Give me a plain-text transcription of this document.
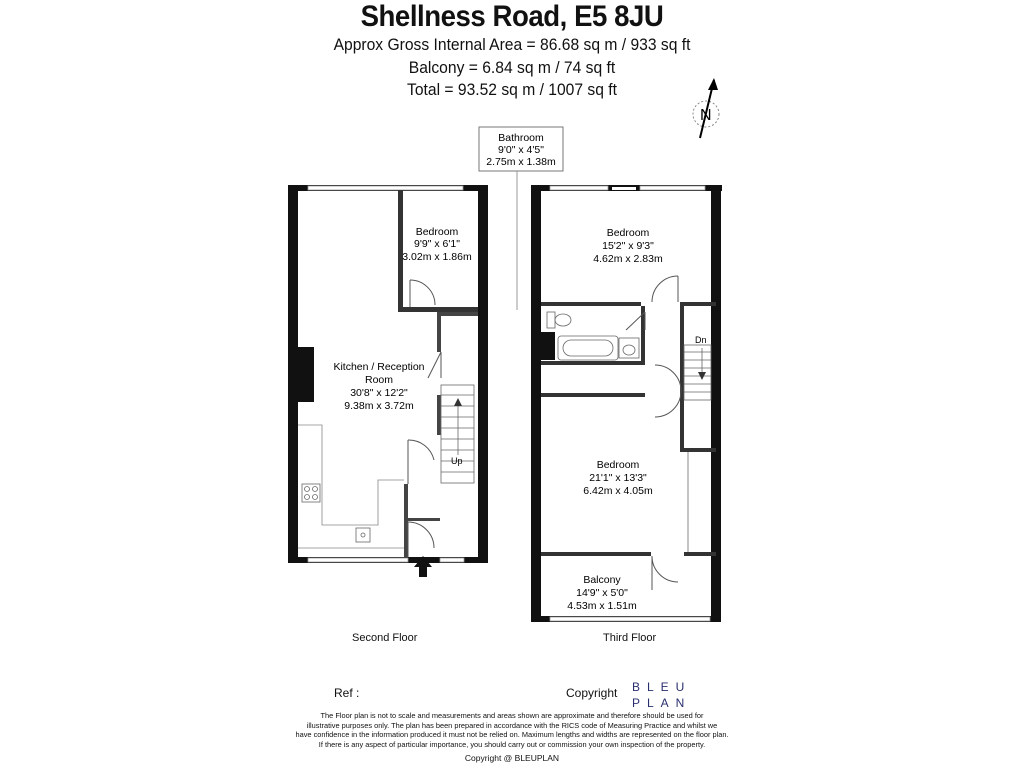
Shellness Road, E5 8JU
Approx Gross Internal Area = 86.68 sq m / 933 sq ft
Balcony = 6.84 sq m / 74 sq ft
Total = 93.52 sq m / 1007 sq ft
N
Bathroom
9'0" x 4'5"
2.75m x 1.38m
Up
Bedroom
9'9" x 6'1"
3.02m x 1.86m
Kitchen / Reception
Room
30'8" x 12'2"
9.38m x 3.72m
Dn
Bedroom
15'2" x 9'3"
4.62m x 2.83m
Bedroom
21'1" x 13'3"
6.42m x 4.05m
Balcony
14'9" x 5'0"
4.53m x 1.51m
Second Floor	Third Floor
Ref :	Copyright BLEU
PLAN
The Floor plan is not to scale and measurements and areas shown are approximate and therefore should be used for
illustrative purposes only. The plan has been prepared in accordance with the RICS code of Measuring Practice and whilst we
have confidence in the information produced it must not be relied on. Maximum lengths and widths are represented on the floor plan.
If there is any aspect of particular importance, you should carry out or commission your own inspection of the property.
Copyright @ BLEUPLAN
